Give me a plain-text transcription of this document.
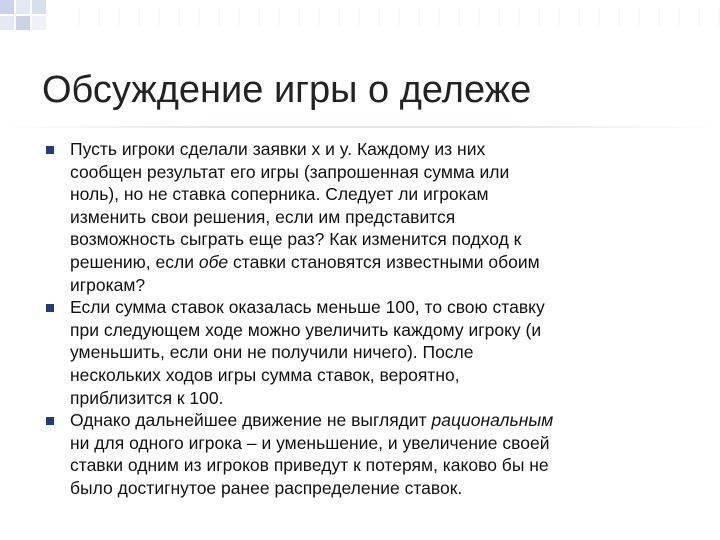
Обсуждение игры о дележе
Пусть игроки сделали заявки x и y. Каждому из них
сообщен результат его игры (запрошенная сумма или
ноль), но не ставка соперника. Следует ли игрокам
изменить свои решения, если им представится
возможность сыграть еще раз? Как изменится подход к
решению, если обе ставки становятся известными обоим
игрокам?
Если сумма ставок оказалась меньше 100, то свою ставку
при следующем ходе можно увеличить каждому игроку (и
уменьшить, если они не получили ничего). После
нескольких ходов игры сумма ставок, вероятно,
приблизится к 100.
Однако дальнейшее движение не выглядит рациональным
ни для одного игрока – и уменьшение, и увеличение своей
ставки одним из игроков приведут к потерям, каково бы не
было достигнутое ранее распределение ставок.
